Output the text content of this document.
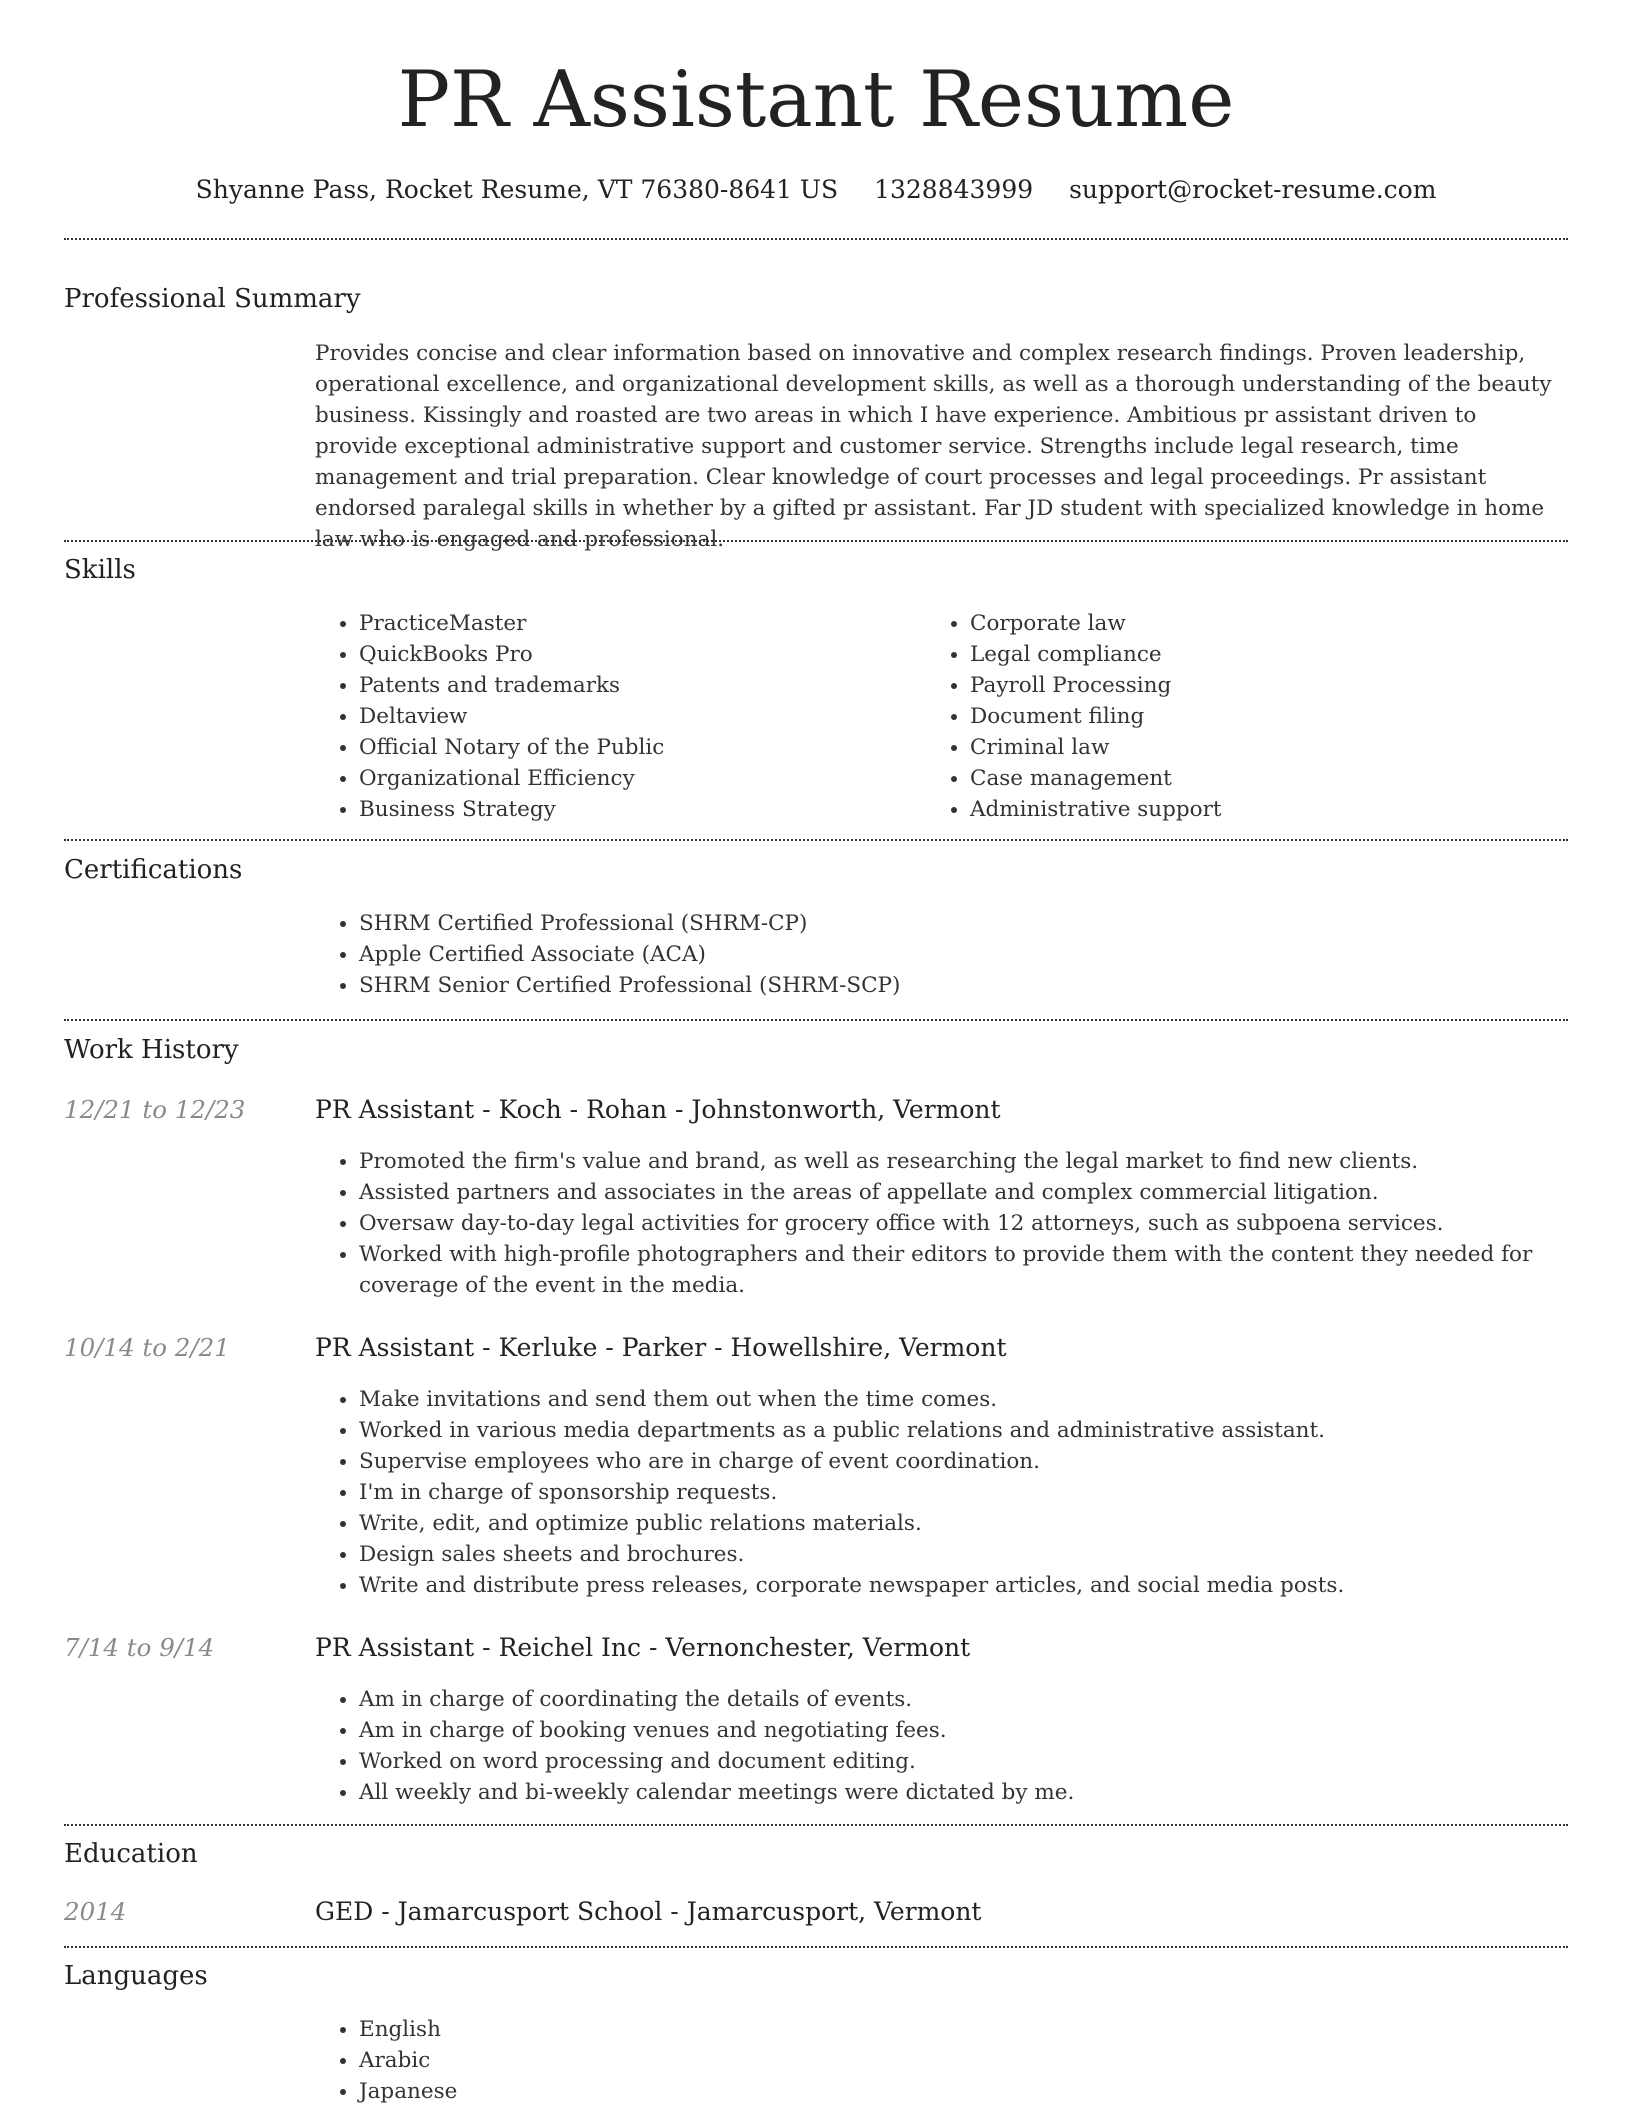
PR Assistant Resume
Shyanne Pass, Rocket Resume, VT 76380-8641 US 1328843999 support@rocket-resume.com
Professional Summary

Provides concise and clear information based on innovative and complex research findings. Proven leadership, operational excellence, and organizational development skills, as well as a thorough understanding of the beauty business. Kissingly and roasted are two areas in which I have experience. Ambitious pr assistant driven to provide exceptional administrative support and customer service. Strengths include legal research, time management and trial preparation. Clear knowledge of court processes and legal proceedings. Pr assistant endorsed paralegal skills in whether by a gifted pr assistant. Far JD student with specialized knowledge in home law who is engaged and professional.

Skills
• PracticeMaster
• QuickBooks Pro
• Patents and trademarks
• Deltaview
• Official Notary of the Public
• Organizational Efficiency
• Business Strategy
• Corporate law
• Legal compliance
• Payroll Processing
• Document filing
• Criminal law
• Case management
• Administrative support
Certifications
• SHRM Certified Professional (SHRM-CP)
• Apple Certified Associate (ACA)
• SHRM Senior Certified Professional (SHRM-SCP)
Work History
12/21 to 12/23	PR Assistant - Koch - Rohan - Johnstonworth, Vermont
• Promoted the firm's value and brand, as well as researching the legal market to find new clients.
• Assisted partners and associates in the areas of appellate and complex commercial litigation.
• Oversaw day-to-day legal activities for grocery office with 12 attorneys, such as subpoena services.
• Worked with high-profile photographers and their editors to provide them with the content they needed for coverage of the event in the media.
10/14 to 2/21	PR Assistant - Kerluke - Parker - Howellshire, Vermont
• Make invitations and send them out when the time comes.
• Worked in various media departments as a public relations and administrative assistant.
• Supervise employees who are in charge of event coordination.
• I'm in charge of sponsorship requests.
• Write, edit, and optimize public relations materials.
• Design sales sheets and brochures.
• Write and distribute press releases, corporate newspaper articles, and social media posts.
7/14 to 9/14	PR Assistant - Reichel Inc - Vernonchester, Vermont
• Am in charge of coordinating the details of events.
• Am in charge of booking venues and negotiating fees.
• Worked on word processing and document editing.
• All weekly and bi-weekly calendar meetings were dictated by me.
Education
2014	GED - Jamarcusport School - Jamarcusport, Vermont
Languages
• English
• Arabic
• Japanese
